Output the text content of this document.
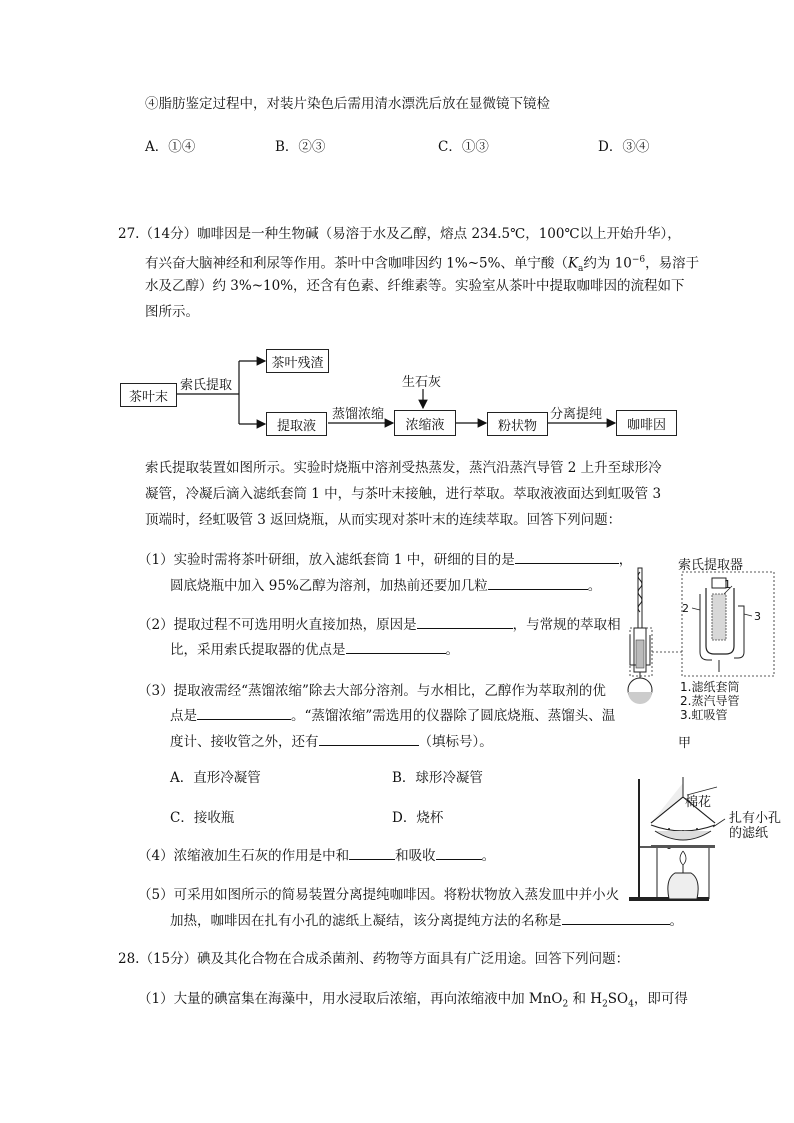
④脂肪鉴定过程中，对装片染色后需用清水漂洗后放在显微镜下镜检
A．①④	B．②③	C．①③	D．③④
27.（14分）咖啡因是一种生物碱（易溶于水及乙醇，熔点 234.5℃，100℃以上开始升华），
有兴奋大脑神经和利尿等作用。茶叶中含咖啡因约 1%~5%、单宁酸（$K_a$约为 $10^{-6}$，易溶于
水及乙醇）约 3%~10%，还含有色素、纤维素等。实验室从茶叶中提取咖啡因的流程如下
图所示。
茶叶末
茶叶残渣
提取液	浓缩液	粉状物	咖啡因
索氏提取
蒸馏浓缩
生石灰
分离提纯
索氏提取装置如图所示。实验时烧瓶中溶剂受热蒸发，蒸汽沿蒸汽导管 2 上升至球形冷
凝管，冷凝后滴入滤纸套筒 1 中，与茶叶末接触，进行萃取。萃取液液面达到虹吸管 3
顶端时，经虹吸管 3 返回烧瓶，从而实现对茶叶末的连续萃取。回答下列问题：
（1）实验时需将茶叶研细，放入滤纸套筒 1 中，研细的目的是	，
圆底烧瓶中加入 95%乙醇为溶剂，加热前还要加几粒	。
（2）提取过程不可选用明火直接加热，原因是	，与常规的萃取相
比，采用索氏提取器的优点是	。
（3）提取液需经“蒸馏浓缩”除去大部分溶剂。与水相比，乙醇作为萃取剂的优
点是	。“蒸馏浓缩”需选用的仪器除了圆底烧瓶、蒸馏头、温
度计、接收管之外，还有	（填标号）。
A．直形冷凝管	B．球形冷凝管
C．接收瓶	D．烧杯
（4）浓缩液加生石灰的作用是中和	和吸收	。
（5）可采用如图所示的简易装置分离提纯咖啡因。将粉状物放入蒸发皿中并小火
加热，咖啡因在扎有小孔的滤纸上凝结，该分离提纯方法的名称是	。
索氏提取器
1
2
3
1.滤纸套筒
2.蒸汽导管
3.虹吸管
甲
棉花
扎有小孔
的滤纸
28.（15分）碘及其化合物在合成杀菌剂、药物等方面具有广泛用途。回答下列问题：
（1）大量的碘富集在海藻中，用水浸取后浓缩，再向浓缩液中加 MnO$_2$ 和 $H_2SO_4$，即可得
